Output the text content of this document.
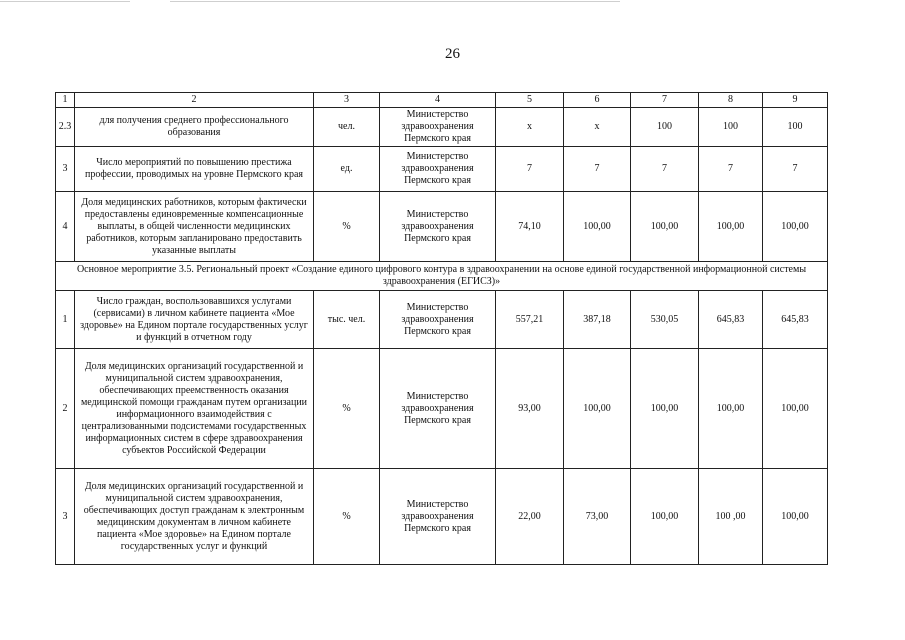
26
1	2	3	4	5	6	7	8	9
2.3	для получения среднего профессионального образования	чел.	Министерство здравоохранения Пермского края	х	х	100	100	100
3	Число мероприятий по повышению престижа профессии, проводимых на уровне Пермского края	ед.	Министерство здравоохранения Пермского края	7	7	7	7	7
4	Доля медицинских работников, которым фактически предоставлены единовременные компенсационные выплаты, в общей численности медицинских работников, которым запланировано предоставить указанные выплаты	%	Министерство здравоохранения Пермского края	74,10	100,00	100,00	100,00	100,00
Основное мероприятие 3.5. Региональный проект «Создание единого цифрового контура в здравоохранении на основе единой государственной информационной системы здравоохранения (ЕГИСЗ)»								
1	Число граждан, воспользовавшихся услугами (сервисами) в личном кабинете пациента «Мое здоровье» на Едином портале государственных услуг и функций в отчетном году	тыс. чел.	Министерство здравоохранения Пермского края	557,21	387,18	530,05	645,83	645,83
2	Доля медицинских организаций государственной и муниципальной систем здравоохранения, обеспечивающих преемственность оказания медицинской помощи гражданам путем организации информационного взаимодействия с централизованными подсистемами государственных информационных систем в сфере здравоохранения субъектов Российской Федерации	%	Министерство здравоохранения Пермского края	93,00	100,00	100,00	100,00	100,00
3	Доля медицинских организаций государственной и муниципальной систем здравоохранения, обеспечивающих доступ гражданам к электронным медицинским документам в личном кабинете пациента «Мое здоровье» на Едином портале государственных услуг и функций	%	Министерство здравоохранения Пермского края	22,00	73,00	100,00	100 ,00	100,00
